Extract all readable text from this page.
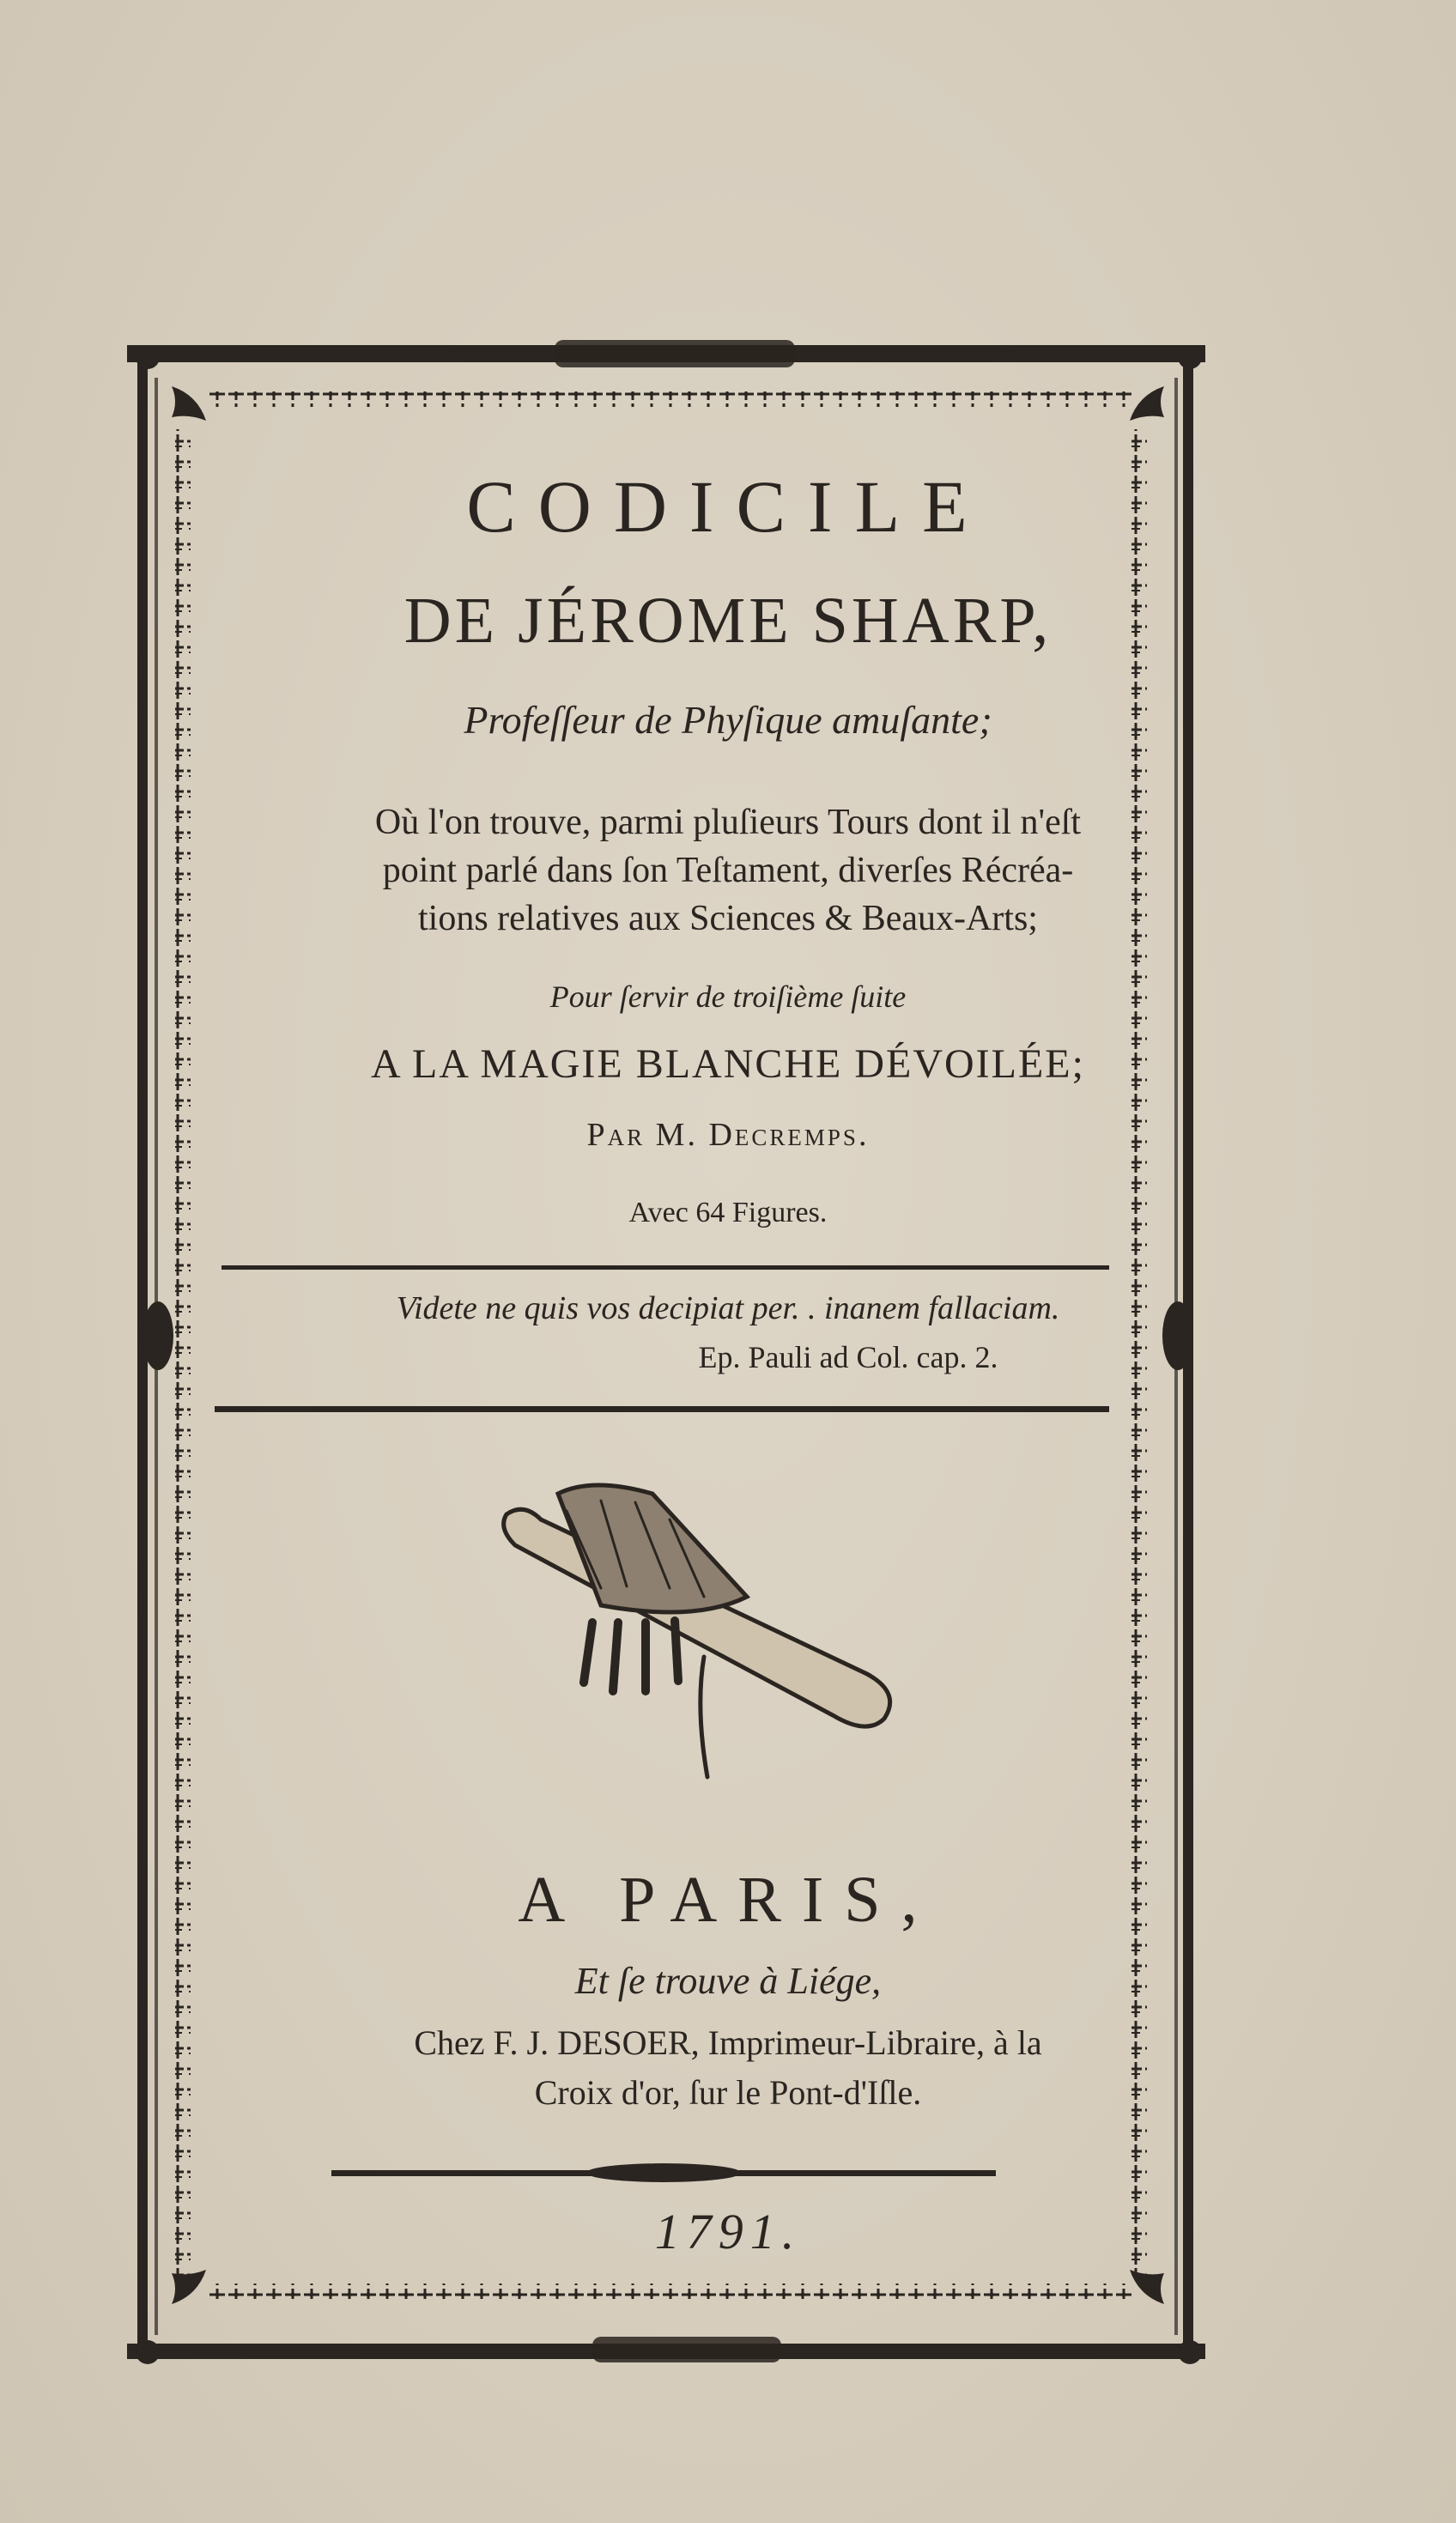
CODICILE
DE JÉROME SHARP,
Profeſſeur de Phyſique amuſante;
Où l'on trouve, parmi pluſieurs Tours dont il n'eſt
point parlé dans ſon Teſtament, diverſes Récréa-
tions relatives aux Sciences & Beaux-Arts;
Pour ſervir de troiſième ſuite
A LA MAGIE BLANCHE DÉVOILÉE;
Par M. Decremps.
Avec 64 Figures.
Videte ne quis vos decipiat per. . inanem fallaciam.
Ep. Pauli ad Col. cap. 2.
A PARIS,
Et ſe trouve à Liége,
Chez F. J. DESOER, Imprimeur-Libraire, à la
Croix d'or, ſur le Pont-d'Iſle.
1791.
